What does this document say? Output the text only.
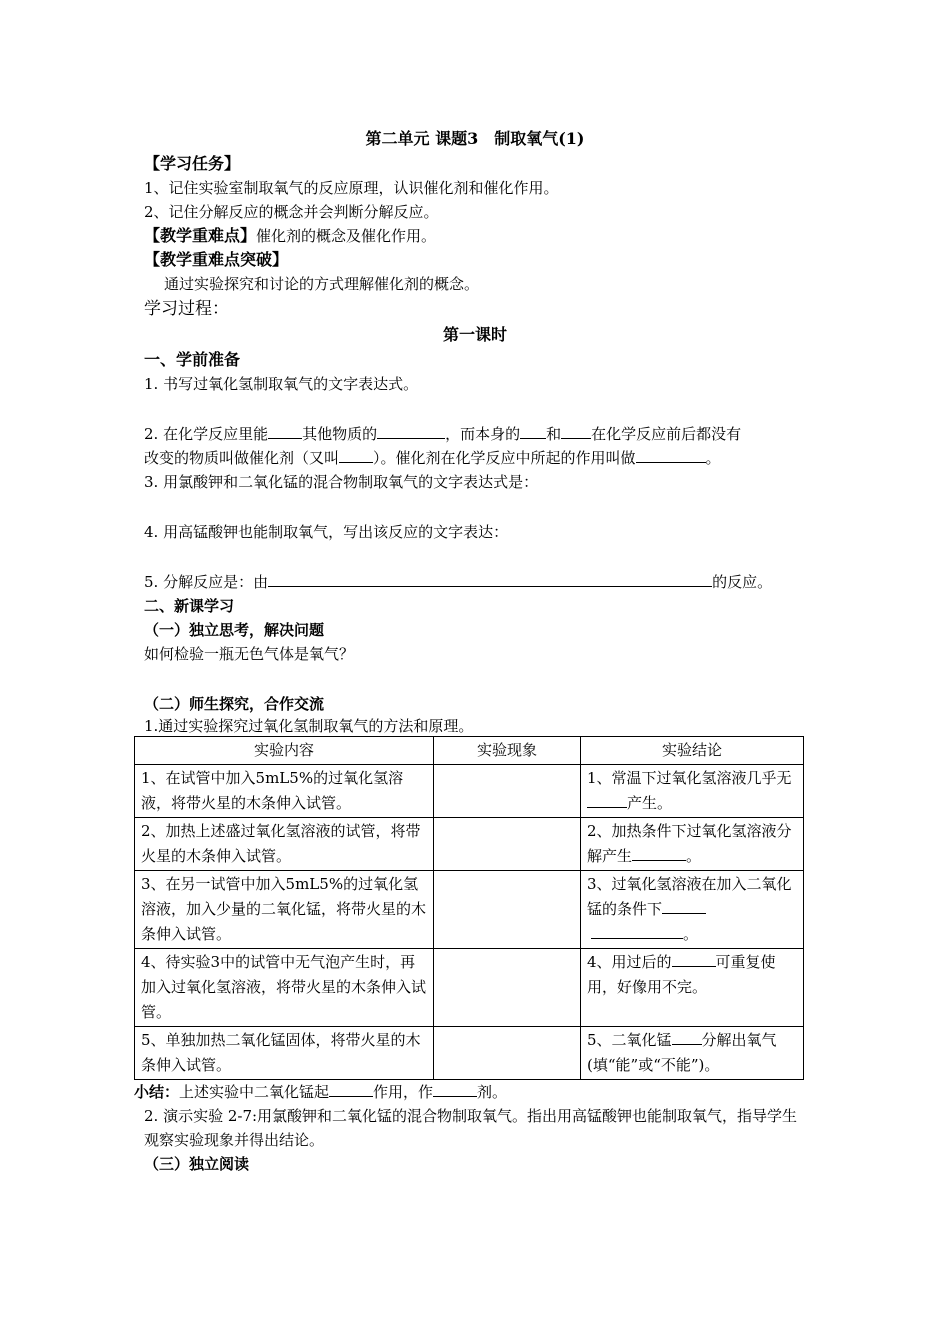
第二单元 课题3　制取氧气(1)
【学习任务】
1、记住实验室制取氧气的反应原理，认识催化剂和催化作用。
2、记住分解反应的概念并会判断分解反应。
【教学重难点】催化剂的概念及催化作用。
【教学重难点突破】
通过实验探究和讨论的方式理解催化剂的概念。
学习过程：
第一课时
一、学前准备
1. 书写过氧化氢制取氧气的文字表达式。
2. 在化学反应里能 其他物质的	，而本身的 和 在化学反应前后都没有
改变的物质叫做催化剂（又叫 ）。催化剂在化学反应中所起的作用叫做	。
3. 用氯酸钾和二氧化锰的混合物制取氧气的文字表达式是：
4. 用高锰酸钾也能制取氧气，写出该反应的文字表达：
5. 分解反应是：由	的反应。
二、新课学习
（一）独立思考，解决问题
如何检验一瓶无色气体是氧气？
（二）师生探究，合作交流
1.通过实验探究过氧化氢制取氧气的方法和原理。
实验内容	实验现象	实验结论
1、在试管中加入5mL5%的过氧化氢溶液，将带火星的木条伸入试管。		1、常温下过氧化氢溶液几乎无产生。
2、加热上述盛过氧化氢溶液的试管，将带火星的木条伸入试管。		2、加热条件下过氧化氢溶液分解产生 。
3、在另一试管中加入5mL5%的过氧化氢溶液，加入少量的二氧化锰，将带火星的木条伸入试管。		3、过氧化氢溶液在加入二氧化锰的条件下
。
4、待实验3中的试管中无气泡产生时，再加入过氧化氢溶液，将带火星的木条伸入试管。		4、用过后的 可重复使用，好像用不完。
5、单独加热二氧化锰固体，将带火星的木条伸入试管。		5、二氧化锰 分解出氧气(填“能”或“不能”)。
小结：上述实验中二氧化锰起	作用，作	剂。
2. 演示实验 2-7:用氯酸钾和二氧化锰的混合物制取氧气。指出用高锰酸钾也能制取氧气，指导学生观察实验现象并得出结论。
（三）独立阅读
